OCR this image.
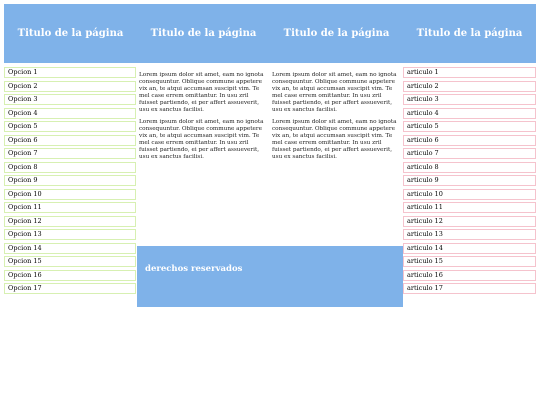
Titulo de la página	Titulo de la página	Titulo de la página	Titulo de la página
Opcion 1
Opcion 2
Opcion 3
Opcion 4
Opcion 5
Opcion 6
Opcion 7
Opcion 8
Opcion 9
Opcion 10
Opcion 11
Opcion 12
Opcion 13
Opcion 14
Opcion 15
Opcion 16
Opcion 17

Lorem ipsum dolor sit amet, eam no ignota consequuntur. Oblique commune appetere vix an, te atqui accumsan suscipit vim. Te mel case errem omittantur. In usu zril fuisset partiendo, ei per affert assueverit, usu ex sanctus facilisi.

Lorem ipsum dolor sit amet, eam no ignota consequuntur. Oblique commune appetere vix an, te atqui accumsan suscipit vim. Te mel case errem omittantur. In usu zril fuisset partiendo, ei per affert assueverit, usu ex sanctus facilisi.

Lorem ipsum dolor sit amet, eam no ignota consequuntur. Oblique commune appetere vix an, te atqui accumsan suscipit vim. Te mel case errem omittantur. In usu zril fuisset partiendo, ei per affert assueverit, usu ex sanctus facilisi.

Lorem ipsum dolor sit amet, eam no ignota consequuntur. Oblique commune appetere vix an, te atqui accumsan suscipit vim. Te mel case errem omittantur. In usu zril fuisset partiendo, ei per affert assueverit, usu ex sanctus facilisi.

articulo 1
articulo 2
articulo 3
articulo 4
articulo 5
articulo 6
articulo 7
articulo 8
articulo 9
articulo 10
articulo 11
articulo 12
articulo 13
articulo 14
articulo 15
articulo 16
articulo 17
derechos reservados
